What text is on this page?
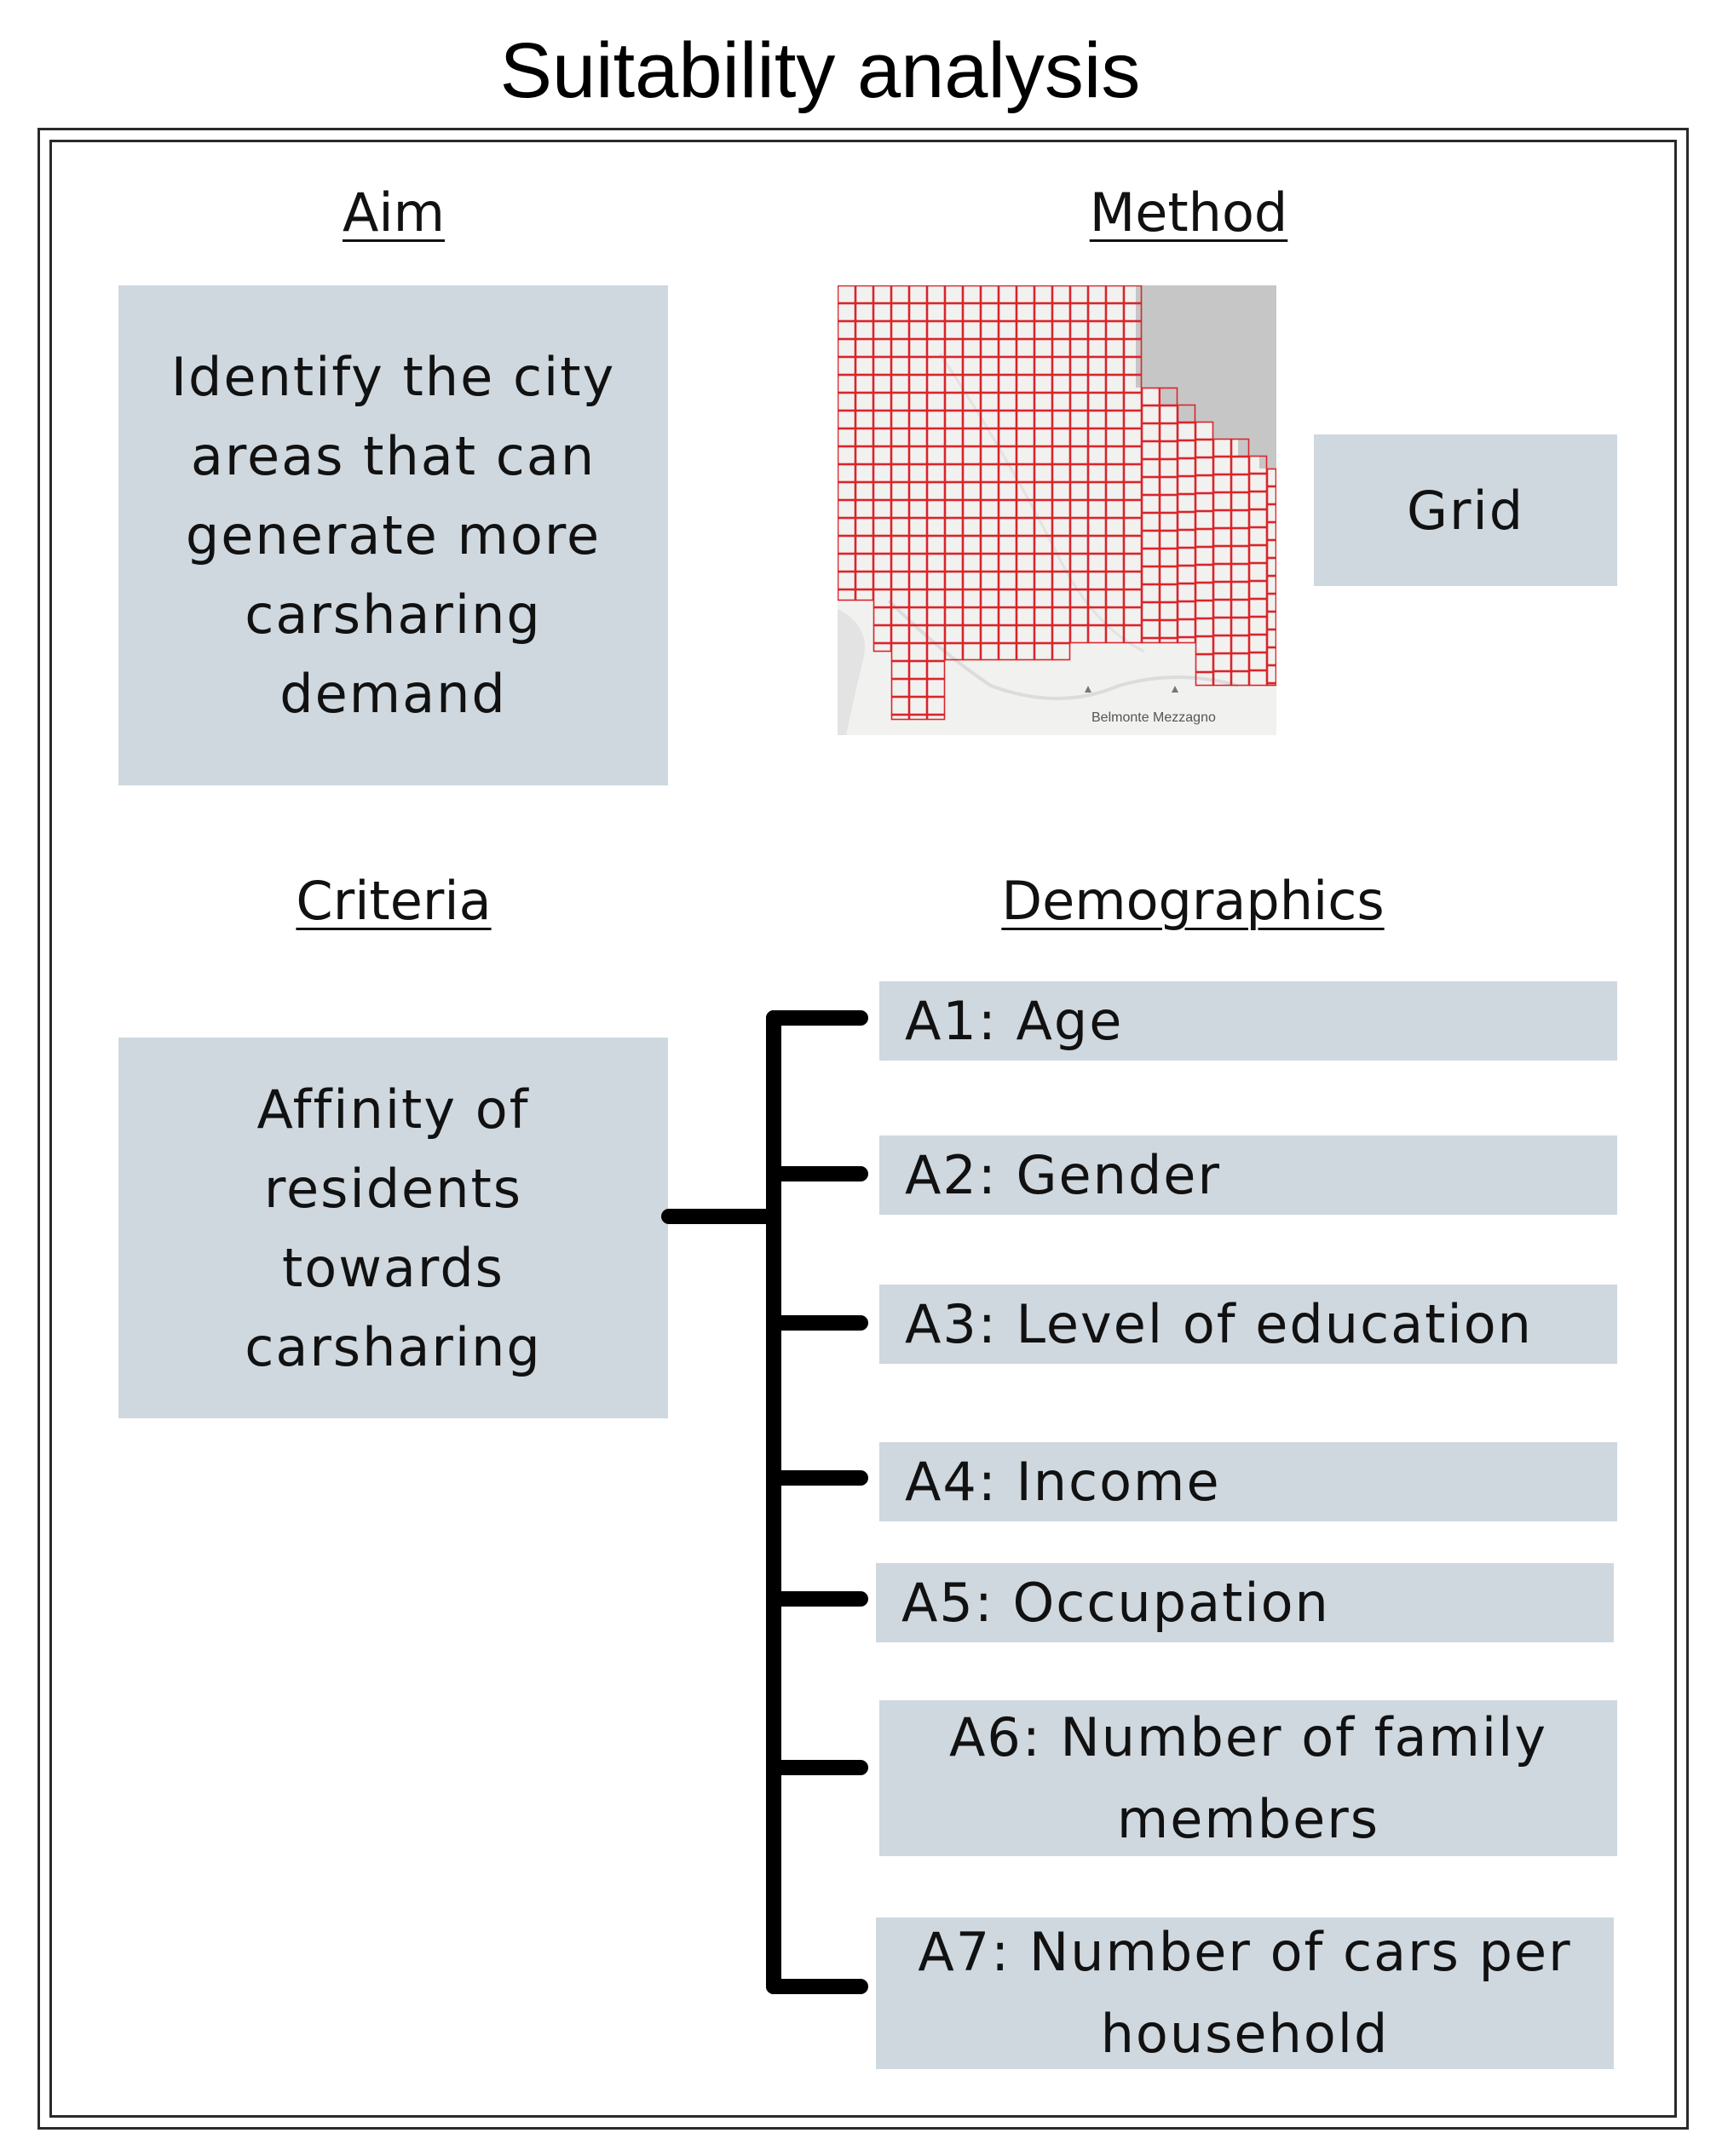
Suitability analysis
Aim	Method
Criteria	Demographics
Identify the city
areas that can
generate more
carsharing
demand	Belmonte Mezzagno
Grid
Affinity of
residents
towards
carsharing
A1: Age
A2: Gender
A3: Level of education
A4: Income
A5: Occupation
A6: Number of family
members
A7: Number of cars per
household
